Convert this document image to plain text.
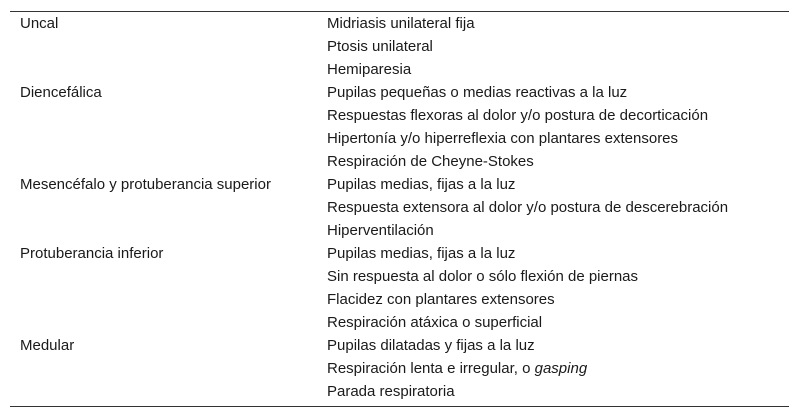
Uncal	Midriasis unilateral fija
Ptosis unilateral
Hemiparesia
Diencefálica	Pupilas pequeñas o medias reactivas a la luz
Respuestas flexoras al dolor y/o postura de decorticación
Hipertonía y/o hiperreflexia con plantares extensores
Respiración de Cheyne-Stokes
Mesencéfalo y protuberancia superior	Pupilas medias, fijas a la luz
Respuesta extensora al dolor y/o postura de descerebración
Hiperventilación
Protuberancia inferior	Pupilas medias, fijas a la luz
Sin respuesta al dolor o sólo flexión de piernas
Flacidez con plantares extensores
Respiración atáxica o superficial
Medular	Pupilas dilatadas y fijas a la luz
Respiración lenta e irregular, o gasping
Parada respiratoria
